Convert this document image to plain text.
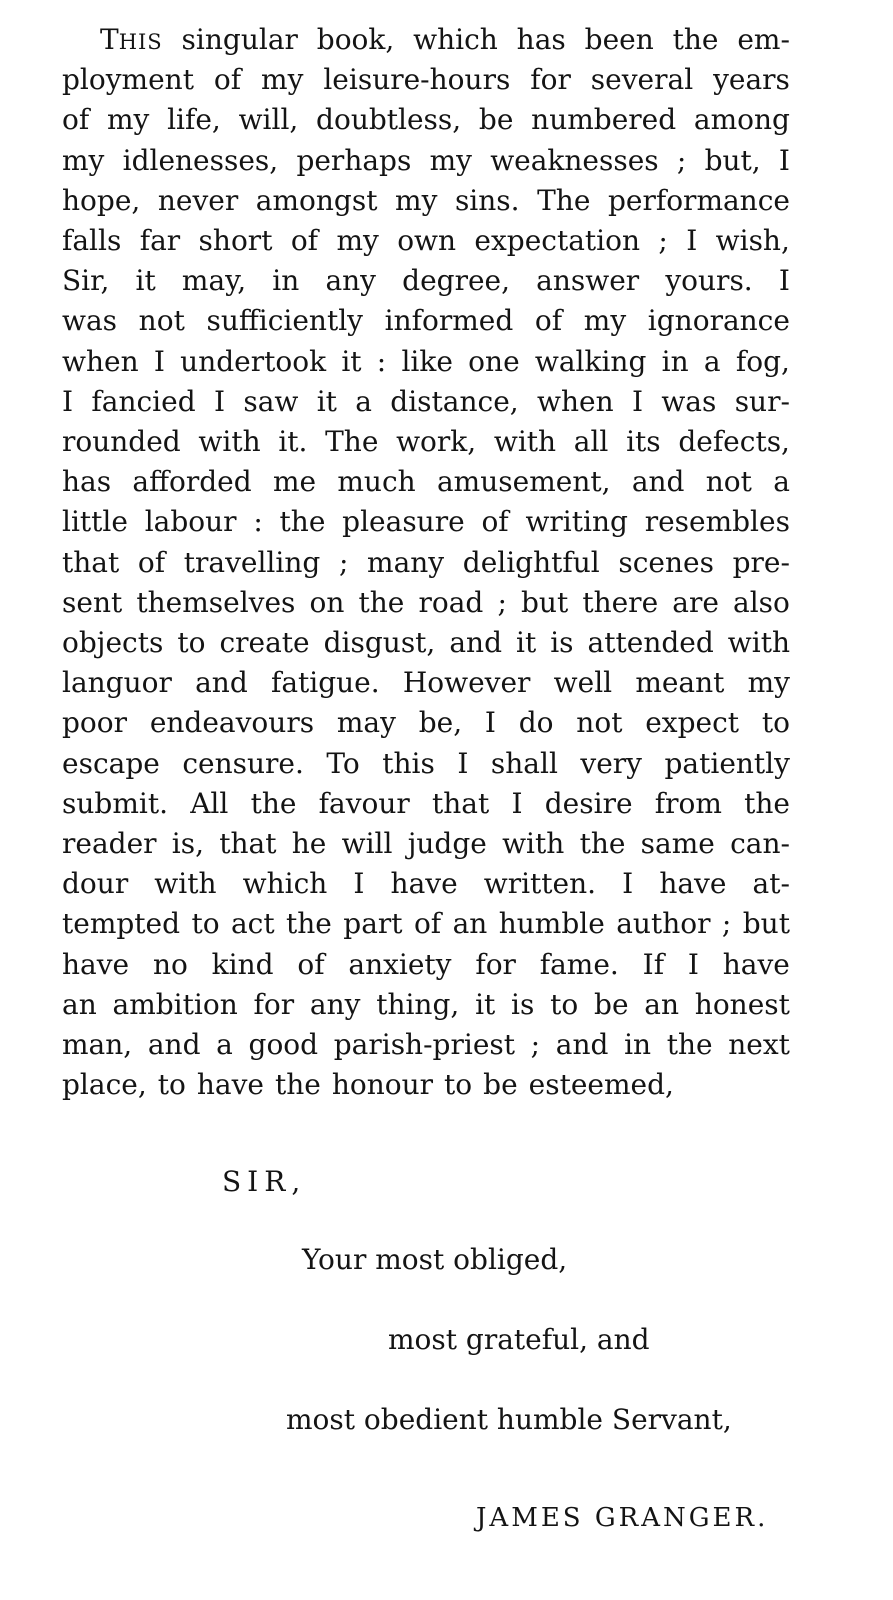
THIS singular book, which has been the em-
ployment of my leisure-hours for several years
of my life, will, doubtless, be numbered among
my idlenesses, perhaps my weaknesses ; but, I
hope, never amongst my sins. The performance
falls far short of my own expectation ; I wish,
Sir, it may, in any degree, answer yours. I
was not sufficiently informed of my ignorance
when I undertook it : like one walking in a fog,
I fancied I saw it a distance, when I was sur-
rounded with it. The work, with all its defects,
has afforded me much amusement, and not a
little labour : the pleasure of writing resembles
that of travelling ; many delightful scenes pre-
sent themselves on the road ; but there are also
objects to create disgust, and it is attended with
languor and fatigue. However well meant my
poor endeavours may be, I do not expect to
escape censure. To this I shall very patiently
submit. All the favour that I desire from the
reader is, that he will judge with the same can-
dour with which I have written. I have at-
tempted to act the part of an humble author ; but
have no kind of anxiety for fame. If I have
an ambition for any thing, it is to be an honest
man, and a good parish-priest ; and in the next
place, to have the honour to be esteemed,
SIR,
Your most obliged,
most grateful, and
most obedient humble Servant,
JAMES GRANGER.
